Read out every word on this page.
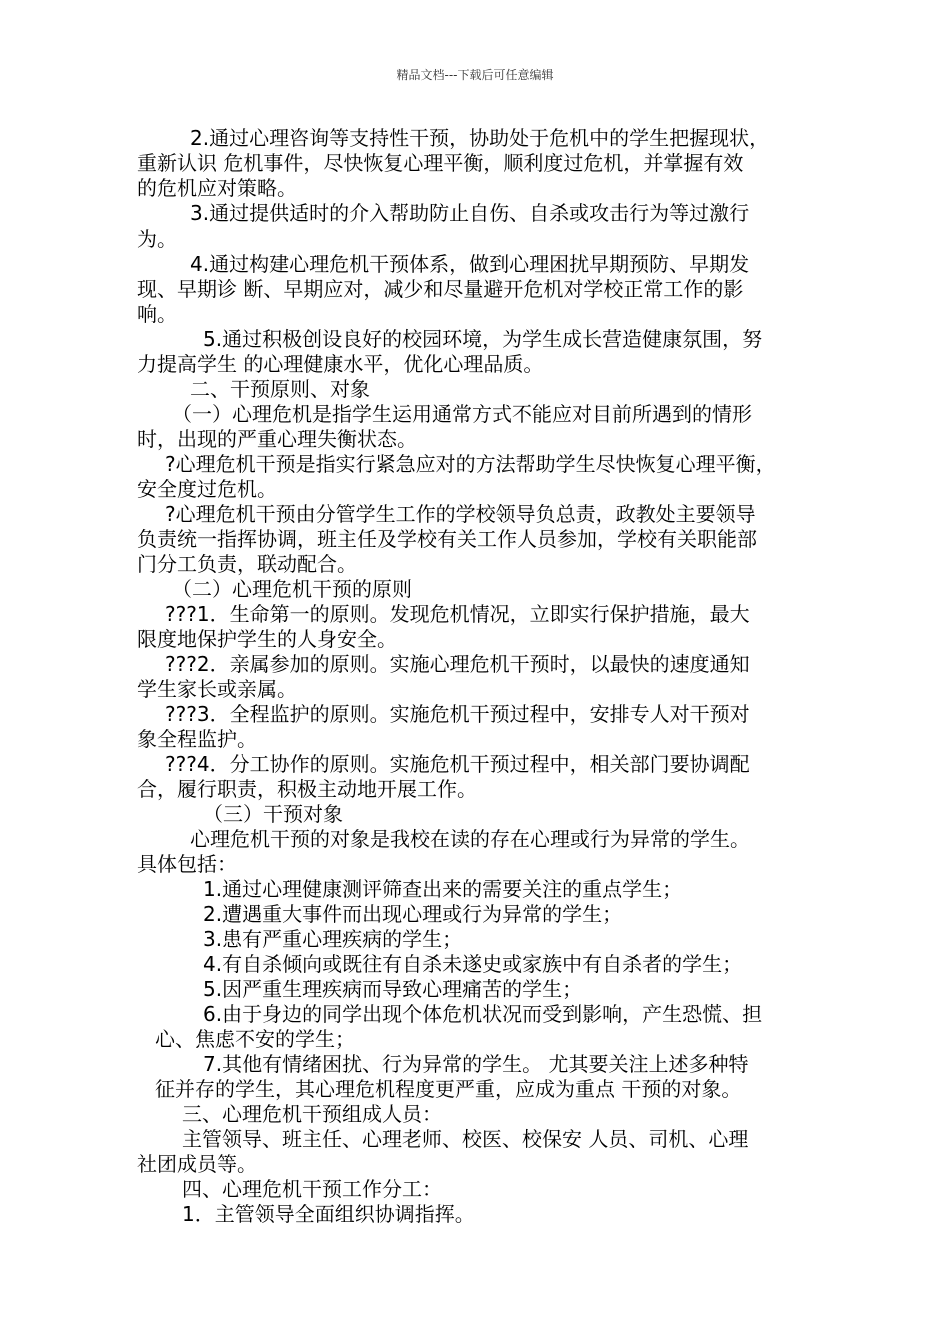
精品文档---下载后可任意编辑
2.通过心理咨询等支持性干预，协助处于危机中的学生把握现状，
重新认识 危机事件，尽快恢复心理平衡，顺利度过危机，并掌握有效
的危机应对策略。
3.通过提供适时的介入帮助防止自伤、自杀或攻击行为等过激行
为。
4.通过构建心理危机干预体系，做到心理困扰早期预防、早期发
现、早期诊 断、早期应对，减少和尽量避开危机对学校正常工作的影
响。
5.通过积极创设良好的校园环境，为学生成长营造健康氛围，努
力提高学生 的心理健康水平，优化心理品质。
二、干预原则、对象
（一）心理危机是指学生运用通常方式不能应对目前所遇到的情形
时，出现的严重心理失衡状态。
?心理危机干预是指实行紧急应对的方法帮助学生尽快恢复心理平衡，
安全度过危机。
?心理危机干预由分管学生工作的学校领导负总责，政教处主要领导
负责统一指挥协调，班主任及学校有关工作人员参加，学校有关职能部
门分工负责，联动配合。
（二）心理危机干预的原则
???1．生命第一的原则。发现危机情况，立即实行保护措施，最大
限度地保护学生的人身安全。
???2．亲属参加的原则。实施心理危机干预时，以最快的速度通知
学生家长或亲属。
???3．全程监护的原则。实施危机干预过程中，安排专人对干预对
象全程监护。
???4．分工协作的原则。实施危机干预过程中，相关部门要协调配
合，履行职责，积极主动地开展工作。
（三）干预对象
心理危机干预的对象是我校在读的存在心理或行为异常的学生。
具体包括：
1.通过心理健康测评筛查出来的需要关注的重点学生；
2.遭遇重大事件而出现心理或行为异常的学生；
3.患有严重心理疾病的学生；
4.有自杀倾向或既往有自杀未遂史或家族中有自杀者的学生；
5.因严重生理疾病而导致心理痛苦的学生；
6.由于身边的同学出现个体危机状况而受到影响，产生恐慌、担
心、焦虑不安的学生；
7.其他有情绪困扰、行为异常的学生。 尤其要关注上述多种特
征并存的学生，其心理危机程度更严重，应成为重点 干预的对象。
三、心理危机干预组成人员：
主管领导、班主任、心理老师、校医、校保安 人员、司机、心理
社团成员等。
四、心理危机干预工作分工：
1．主管领导全面组织协调指挥。
